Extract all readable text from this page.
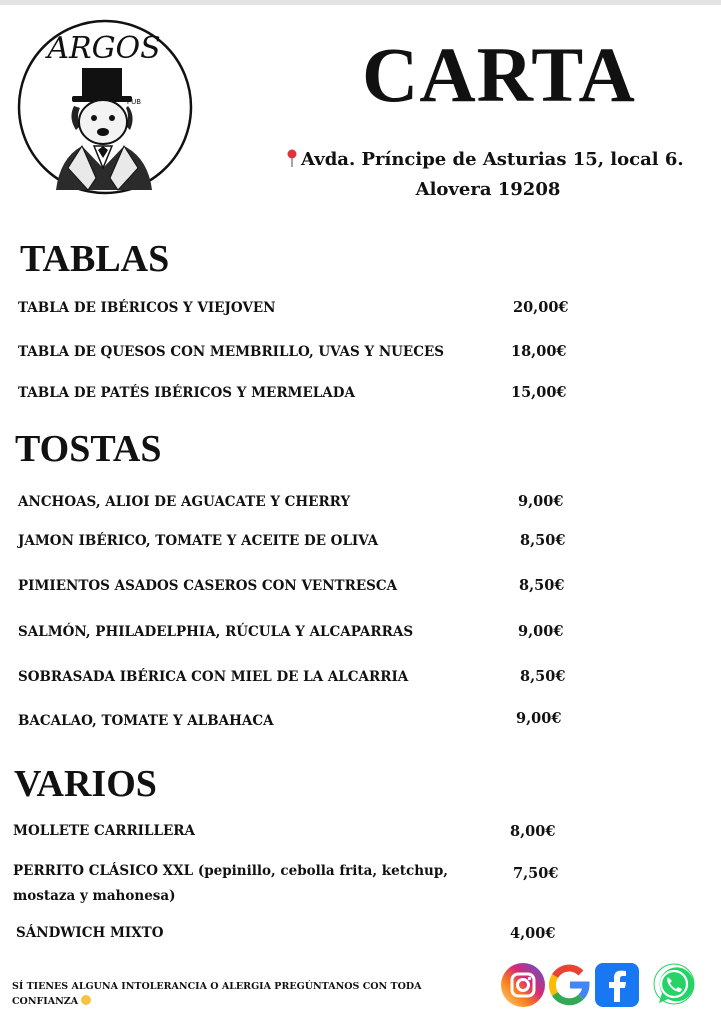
ARGOS
PUB	CARTA
Avda. Príncipe de Asturias 15, local 6.
Alovera 19208
TABLAS
TABLA DE IBÉRICOS Y VIEJOVEN	20,00€
TABLA DE QUESOS CON MEMBRILLO, UVAS Y NUECES	18,00€
TABLA DE PATÉS IBÉRICOS Y MERMELADA	15,00€
TOSTAS
ANCHOAS, ALIOI DE AGUACATE Y CHERRY	9,00€
JAMON IBÉRICO, TOMATE Y ACEITE DE OLIVA	8,50€
PIMIENTOS ASADOS CASEROS CON VENTRESCA	8,50€
SALMÓN, PHILADELPHIA, RÚCULA Y ALCAPARRAS	9,00€
SOBRASADA IBÉRICA CON MIEL DE LA ALCARRIA	8,50€
BACALAO, TOMATE Y ALBAHACA	9,00€
VARIOS
MOLLETE CARRILLERA	8,00€
PERRITO CLÁSICO XXL (pepinillo, cebolla frita, ketchup, mostaza y mahonesa)
7,50€
SÁNDWICH MIXTO	4,00€
SÍ TIENES ALGUNA INTOLERANCIA O ALERGIA PREGÚNTANOS CON TODA CONFIANZA
